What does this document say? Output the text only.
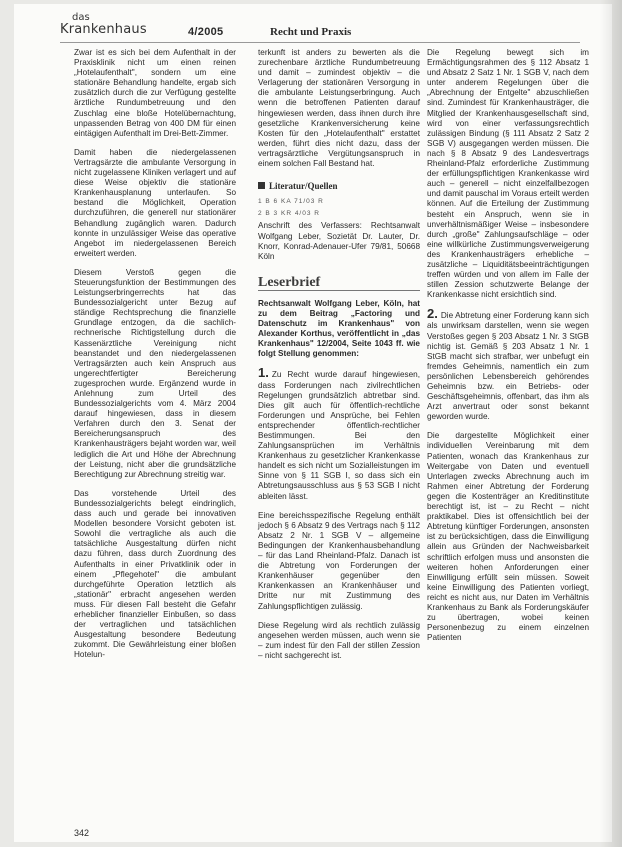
das
Krankenhaus	4/2005	Recht und Praxis

Zwar ist es sich bei dem Aufenthalt in der Praxisklinik nicht um einen reinen „Hotelaufenthalt", sondern um eine stationäre Behandlung handelte, ergab sich zusätzlich durch die zur Verfügung gestellte ärztliche Rundumbetreuung und den Zuschlag eine bloße Hotelübernachtung, unpassenden Betrag von 400 DM für einen eintägigen Aufenthalt im Drei-Bett-Zimmer.

Damit haben die niedergelassenen Vertragsärzte die ambulante Versorgung in nicht zugelassene Kliniken verlagert und auf diese Weise objektiv die stationäre Krankenhausplanung unterlaufen. So bestand die Möglichkeit, Operation durchzuführen, die generell nur stationärer Behandlung zugänglich waren. Dadurch konnte in unzulässiger Weise das operative Angebot im niedergelassenen Bereich erweitert werden.

Diesem Verstoß gegen die Steuerungsfunktion der Bestimmungen des Leistungserbringerrechts hat das Bundessozialgericht unter Bezug auf ständige Rechtsprechung die finanzielle Grundlage entzogen, da die sachlich-rechnerische Richtigstellung durch die Kassenärztliche Vereinigung nicht beanstandet und den niedergelassenen Vertragsärzten auch kein Anspruch aus ungerechtfertigter Bereicherung zugesprochen wurde. Ergänzend wurde in Anlehnung zum Urteil des Bundessozialgerichts vom 4. März 2004 darauf hingewiesen, dass in diesem Verfahren durch den 3. Senat der Bereicherungsanspruch des Krankenhausträgers bejaht worden war, weil lediglich die Art und Höhe der Abrechnung der Leistung, nicht aber die grundsätzliche Berechtigung zur Abrechnung streitig war.

Das vorstehende Urteil des Bundessozialgerichts belegt eindringlich, dass auch und gerade bei innovativen Modellen besondere Vorsicht geboten ist. Sowohl die vertragliche als auch die tatsächliche Ausgestaltung dürfen nicht dazu führen, dass durch Zuordnung des Aufenthalts in einer Privatklinik oder in einem „Pflegehotel" die ambulant durchgeführte Operation letztlich als „stationär" erbracht angesehen werden muss. Für diesen Fall besteht die Gefahr erheblicher finanzieller Einbußen, so dass der vertraglichen und tatsächlichen Ausgestaltung besondere Bedeutung zukommt. Die Gewährleistung einer bloßen Hotelun-

terkunft ist anders zu bewerten als die zurechenbare ärztliche Rundumbetreuung und damit – zumindest objektiv – die Verlagerung der stationären Versorgung in die ambulante Leistungserbringung. Auch wenn die betroffenen Patienten darauf hingewiesen werden, dass ihnen durch ihre gesetzliche Krankenversicherung keine Kosten für den „Hotelaufenthalt" erstattet werden, führt dies nicht dazu, dass der vertragsärztliche Vergütungsanspruch in einem solchen Fall Bestand hat.

Literatur/Quellen
1 B 6 KA 71/03 R
2 B 3 KR 4/03 R

Anschrift des Verfassers: Rechtsanwalt Wolfgang Leber, Sozietät Dr. Lauter, Dr. Knorr, Konrad-Adenauer-Ufer 79/81, 50668 Köln

Leserbrief

Rechtsanwalt Wolfgang Leber, Köln, hat zu dem Beitrag „Factoring und Datenschutz im Krankenhaus" von Alexander Korthus, veröffentlicht in „das Krankenhaus" 12/2004, Seite 1043 ff. wie folgt Stellung genommen:

1. Zu Recht wurde darauf hingewiesen, dass Forderungen nach zivilrechtlichen Regelungen grundsätzlich abtretbar sind. Dies gilt auch für öffentlich-rechtliche Forderungen und Ansprüche, bei Fehlen entsprechender öffentlich-rechtlicher Bestimmungen. Bei den Zahlungsansprüchen im Verhältnis Krankenhaus zu gesetzlicher Krankenkasse handelt es sich nicht um Sozialleistungen im Sinne von § 11 SGB I, so dass sich ein Abtretungsausschluss aus § 53 SGB I nicht ableiten lässt.

Eine bereichsspezifische Regelung enthält jedoch § 6 Absatz 9 des Vertrags nach § 112 Absatz 2 Nr. 1 SGB V – allgemeine Bedingungen der Krankenhausbehandlung – für das Land Rheinland-Pfalz. Danach ist die Abtretung von Forderungen der Krankenhäuser gegenüber den Krankenkassen an Krankenhäuser und Dritte nur mit Zustimmung des Zahlungspflichtigen zulässig.

Diese Regelung wird als rechtlich zulässig angesehen werden müssen, auch wenn sie – zum indest für den Fall der stillen Zession – nicht sachgerecht ist.

Die Regelung bewegt sich im Ermächtigungsrahmen des § 112 Absatz 1 und Absatz 2 Satz 1 Nr. 1 SGB V, nach dem unter anderem Regelungen über die „Abrechnung der Entgelte" abzuschließen sind. Zumindest für Krankenhausträger, die Mitglied der Krankenhausgesellschaft sind, wird von einer verfassungsrechtlich zulässigen Bindung (§ 111 Absatz 2 Satz 2 SGB V) ausgegangen werden müssen. Die nach § 8 Absatz 9 des Landesvertrags Rheinland-Pfalz erforderliche Zustimmung der erfüllungspflichtigen Krankenkasse wird auch – generell – nicht einzelfallbezogen und damit pauschal im Voraus erteilt werden können. Auf die Erteilung der Zustimmung besteht ein Anspruch, wenn sie in unverhältnismäßiger Weise – insbesondere durch „große" Zahlungsaufschläge – oder eine willkürliche Zustimmungsverweigerung des Krankenhausträgers erhebliche – zusätzliche – Liquiditätsbeeinträchtigungen treffen würden und von allem im Falle der stillen Zession schutzwerte Belange der Krankenkasse nicht ersichtlich sind.

2. Die Abtretung einer Forderung kann sich als unwirksam darstellen, wenn sie wegen Verstoßes gegen § 203 Absatz 1 Nr. 3 StGB nichtig ist. Gemäß § 203 Absatz 1 Nr. 1 StGB macht sich strafbar, wer unbefugt ein fremdes Geheimnis, namentlich ein zum persönlichen Lebensbereich gehörendes Geheimnis bzw. ein Betriebs- oder Geschäftsgeheimnis, offenbart, das ihm als Arzt anvertraut oder sonst bekannt geworden wurde.

Die dargestellte Möglichkeit einer individuellen Vereinbarung mit dem Patienten, wonach das Krankenhaus zur Weitergabe von Daten und eventuell Unterlagen zwecks Abrechnung auch im Rahmen einer Abtretung der Forderung gegen die Kostenträger an Kreditinstitute berechtigt ist, ist – zu Recht – nicht praktikabel. Dies ist offensichtlich bei der Abtretung künftiger Forderungen, ansonsten ist zu berücksichtigen, dass die Einwilligung allein aus Gründen der Nachweisbarkeit schriftlich erfolgen muss und ansonsten die weiteren hohen Anforderungen einer Einwilligung erfüllt sein müssen. Soweit keine Einwilligung des Patienten vorliegt, reicht es nicht aus, nur Daten im Verhältnis Krankenhaus zu Bank als Forderungskäufer zu übertragen, wobei keinen Personenbezug zu einem einzelnen Patienten

342
